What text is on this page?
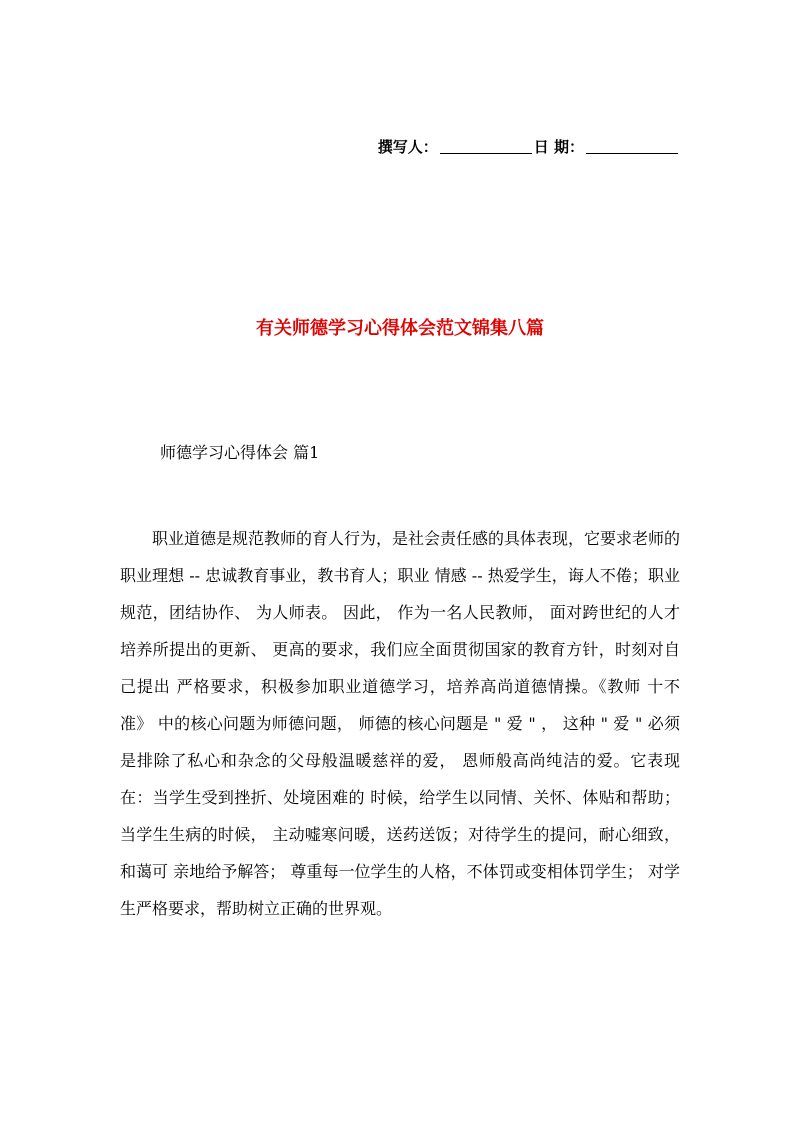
撰写人：	日 期：
有关师德学习心得体会范文锦集八篇
师德学习心得体会 篇1

职业道德是规范教师的育人行为，是社会责任感的具体表现，它要求老师的职业理想 -- 忠诚教育事业，教书育人；职业 情感 -- 热爱学生，诲人不倦；职业规范，团结协作、 为人师表。 因此， 作为一名人民教师， 面对跨世纪的人才培养所提出的更新、 更高的要求，我们应全面贯彻国家的教育方针，时刻对自己提出 严格要求，积极参加职业道德学习，培养高尚道德情操。《教师 十不准》 中的核心问题为师德问题， 师德的核心问题是 " 爱 " ， 这种 " 爱 " 必须是排除了私心和杂念的父母般温暖慈祥的爱， 恩师般高尚纯洁的爱。它表现在：当学生受到挫折、处境困难的 时候，给学生以同情、关怀、体贴和帮助；当学生生病的时候， 主动嘘寒问暖，送药送饭；对待学生的提问，耐心细致，和蔼可 亲地给予解答； 尊重每一位学生的人格，不体罚或变相体罚学生； 对学生严格要求，帮助树立正确的世界观。
